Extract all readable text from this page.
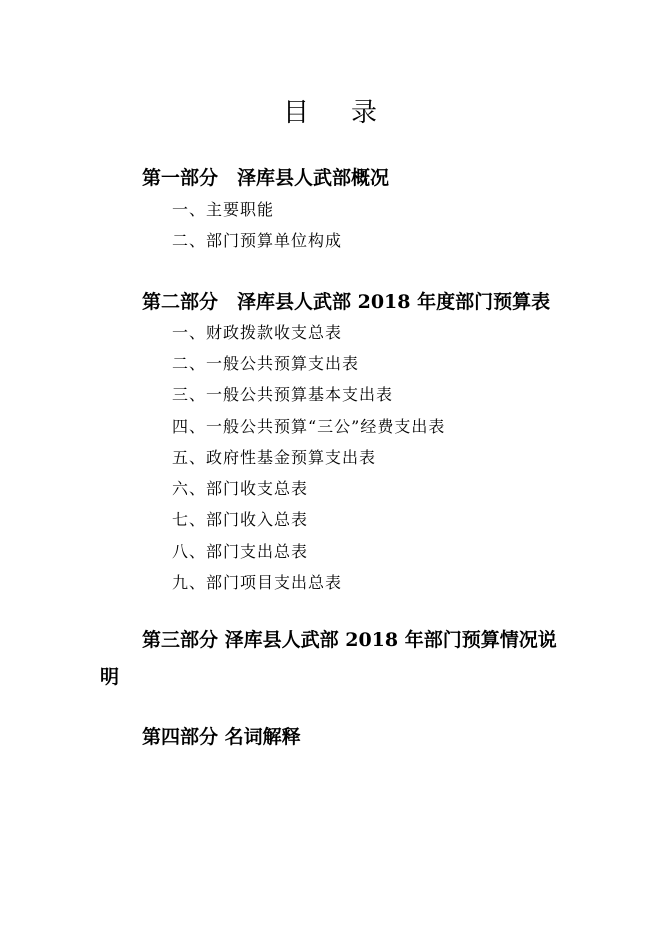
目 录
第一部分　泽库县人武部概况
一、主要职能
二、部门预算单位构成
第二部分　泽库县人武部 2018 年度部门预算表
一、财政拨款收支总表
二、一般公共预算支出表
三、一般公共预算基本支出表
四、一般公共预算“三公”经费支出表
五、政府性基金预算支出表
六、部门收支总表
七、部门收入总表
八、部门支出总表
九、部门项目支出总表
第三部分 泽库县人武部 2018 年部门预算情况说明
第四部分 名词解释
